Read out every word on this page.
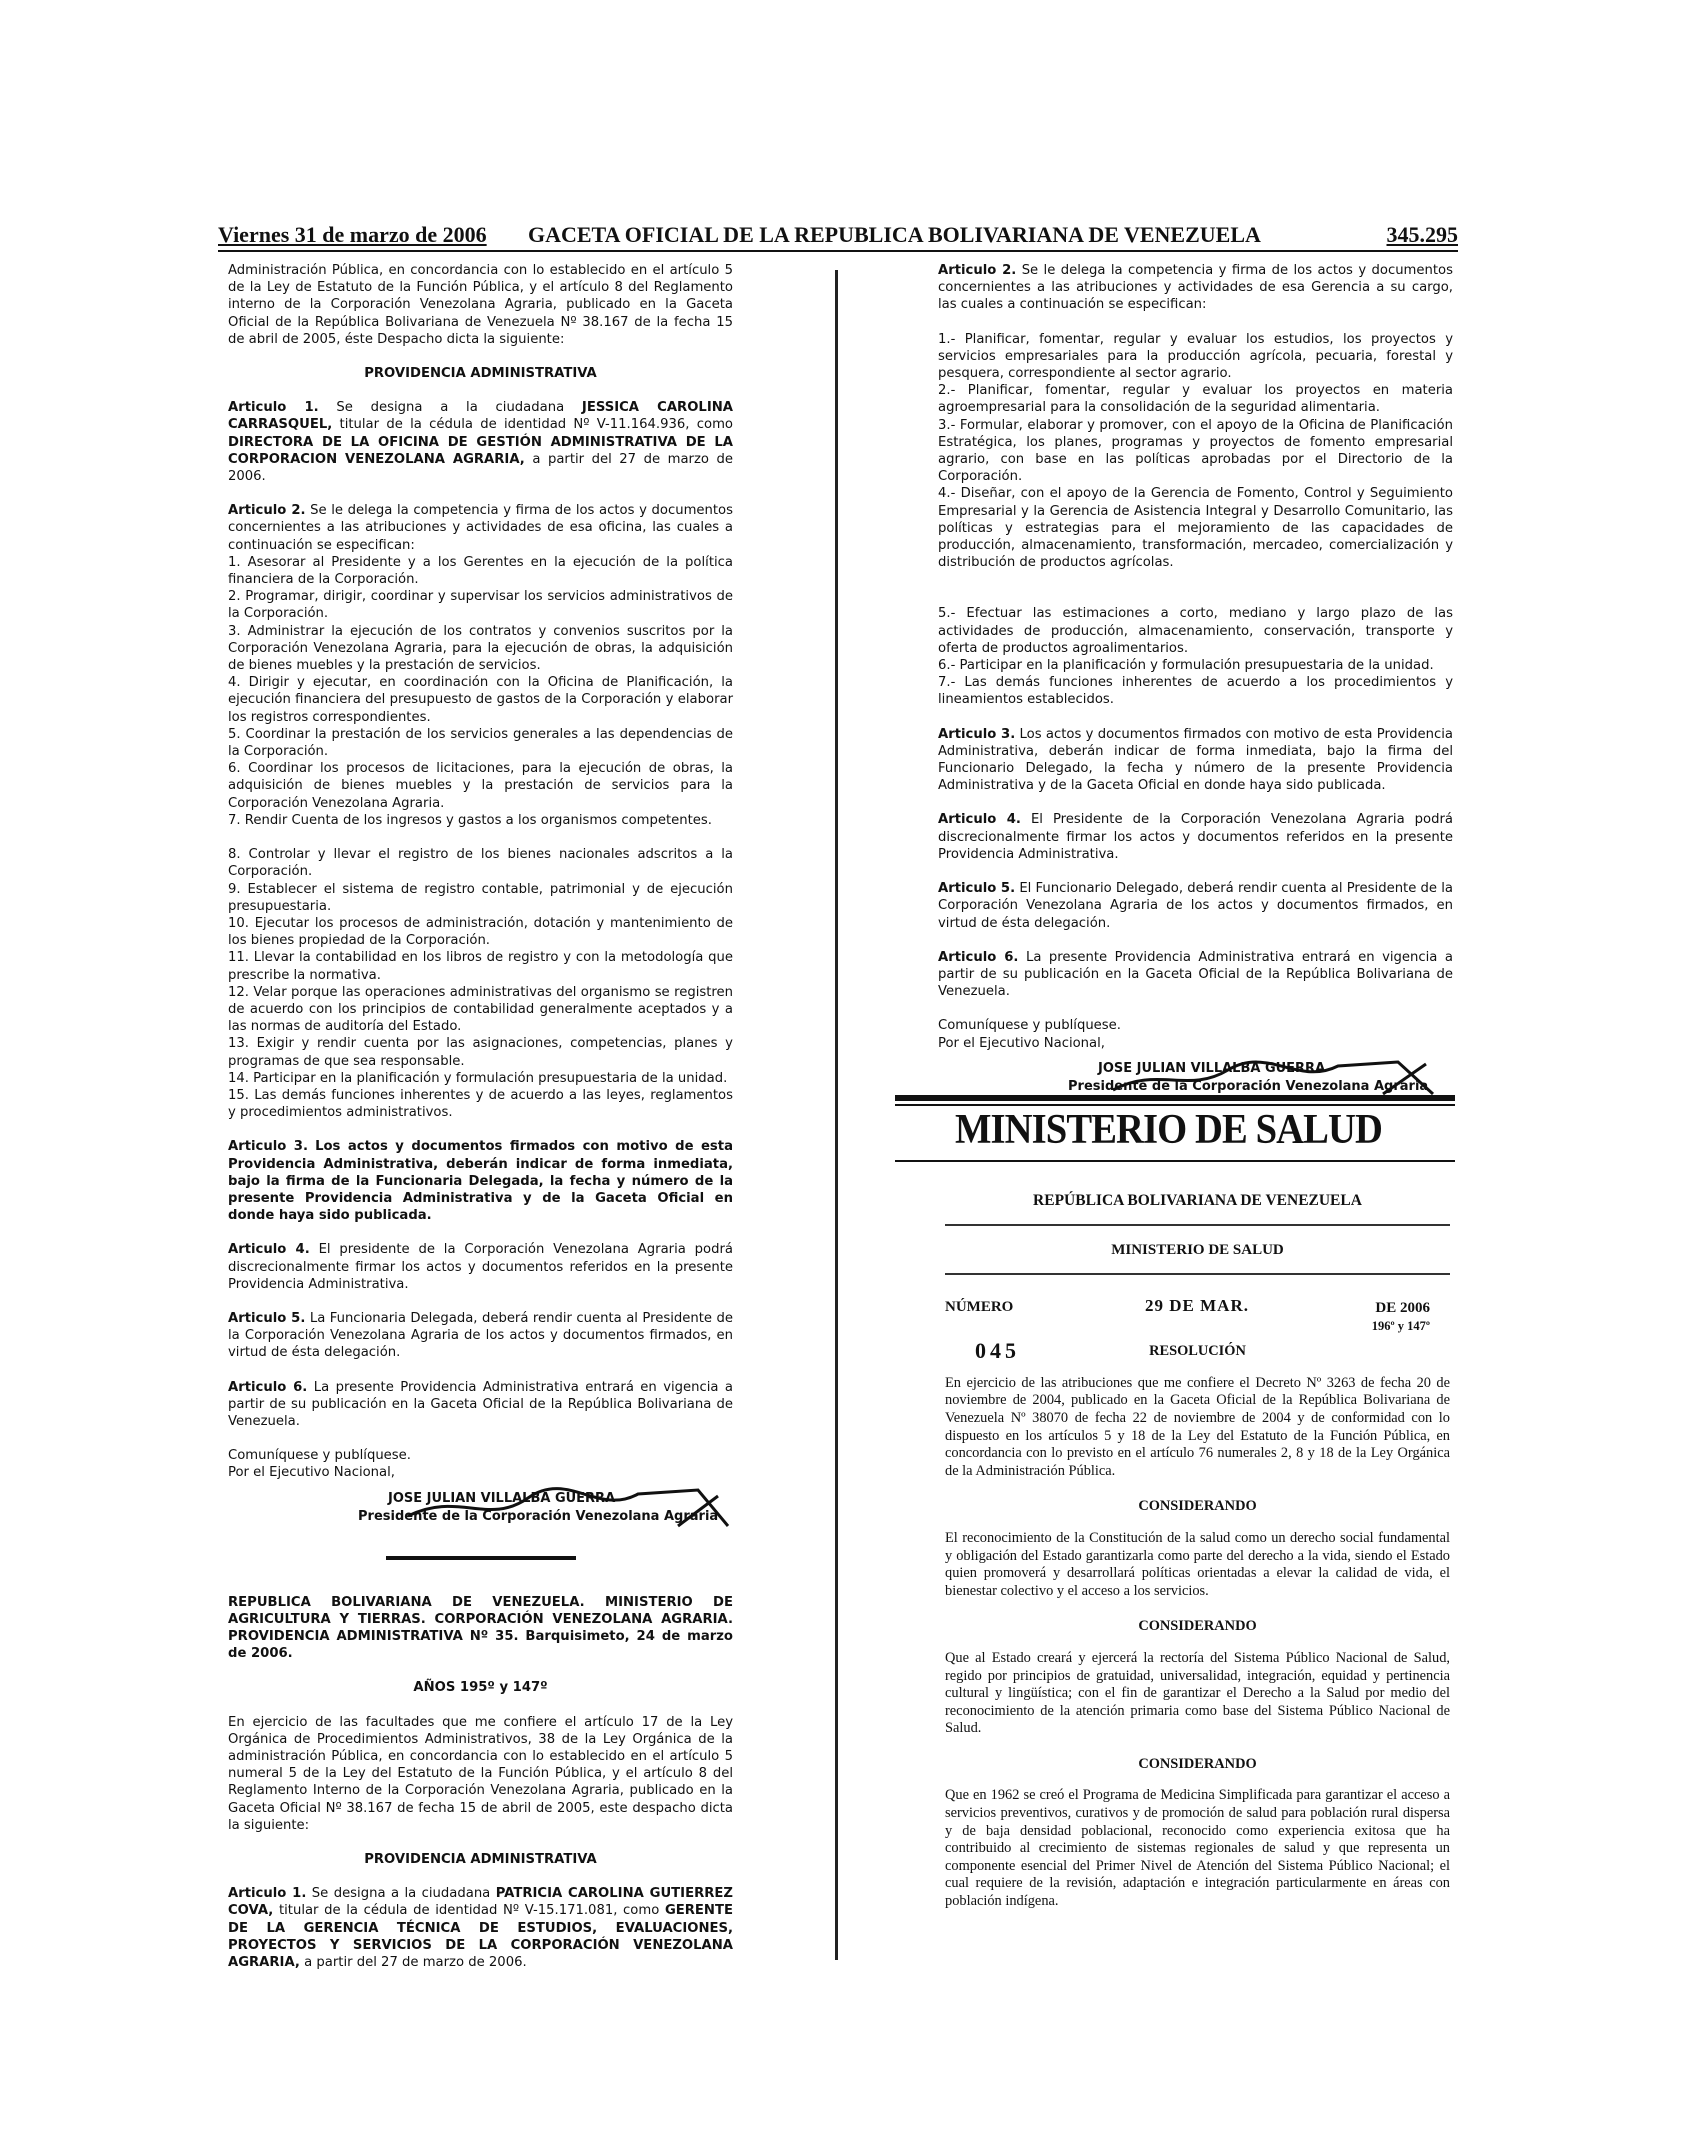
Viernes 31 de marzo de 2006 GACETA OFICIAL DE LA REPUBLICA BOLIVARIANA DE VENEZUELA	345.295

Administración Pública, en concordancia con lo establecido en el artículo 5 de la Ley de Estatuto de la Función Pública, y el artículo 8 del Reglamento interno de la Corporación Venezolana Agraria, publicado en la Gaceta Oficial de la República Bolivariana de Venezuela Nº 38.167 de la fecha 15 de abril de 2005, éste Despacho dicta la siguiente:

PROVIDENCIA ADMINISTRATIVA

Articulo 1. Se designa a la ciudadana JESSICA CAROLINA CARRASQUEL, titular de la cédula de identidad Nº V-11.164.936, como DIRECTORA DE LA OFICINA DE GESTIÓN ADMINISTRATIVA DE LA CORPORACION VENEZOLANA AGRARIA, a partir del 27 de marzo de 2006.

Articulo 2. Se le delega la competencia y firma de los actos y documentos concernientes a las atribuciones y actividades de esa oficina, las cuales a continuación se especifican:

1. Asesorar al Presidente y a los Gerentes en la ejecución de la política financiera de la Corporación.

2. Programar, dirigir, coordinar y supervisar los servicios administrativos de la Corporación.

3. Administrar la ejecución de los contratos y convenios suscritos por la Corporación Venezolana Agraria, para la ejecución de obras, la adquisición de bienes muebles y la prestación de servicios.

4. Dirigir y ejecutar, en coordinación con la Oficina de Planificación, la ejecución financiera del presupuesto de gastos de la Corporación y elaborar los registros correspondientes.

5. Coordinar la prestación de los servicios generales a las dependencias de la Corporación.

6. Coordinar los procesos de licitaciones, para la ejecución de obras, la adquisición de bienes muebles y la prestación de servicios para la Corporación Venezolana Agraria.

7. Rendir Cuenta de los ingresos y gastos a los organismos competentes.

8. Controlar y llevar el registro de los bienes nacionales adscritos a la Corporación.

9. Establecer el sistema de registro contable, patrimonial y de ejecución presupuestaria.

10. Ejecutar los procesos de administración, dotación y mantenimiento de los bienes propiedad de la Corporación.

11. Llevar la contabilidad en los libros de registro y con la metodología que prescribe la normativa.

12. Velar porque las operaciones administrativas del organismo se registren de acuerdo con los principios de contabilidad generalmente aceptados y a las normas de auditoría del Estado.

13. Exigir y rendir cuenta por las asignaciones, competencias, planes y programas de que sea responsable.

14. Participar en la planificación y formulación presupuestaria de la unidad.

15. Las demás funciones inherentes y de acuerdo a las leyes, reglamentos y procedimientos administrativos.

Articulo 3. Los actos y documentos firmados con motivo de esta Providencia Administrativa, deberán indicar de forma inmediata, bajo la firma de la Funcionaria Delegada, la fecha y número de la presente Providencia Administrativa y de la Gaceta Oficial en donde haya sido publicada.

Articulo 4. El presidente de la Corporación Venezolana Agraria podrá discrecionalmente firmar los actos y documentos referidos en la presente Providencia Administrativa.

Articulo 5. La Funcionaria Delegada, deberá rendir cuenta al Presidente de la Corporación Venezolana Agraria de los actos y documentos firmados, en virtud de ésta delegación.

Articulo 6. La presente Providencia Administrativa entrará en vigencia a partir de su publicación en la Gaceta Oficial de la República Bolivariana de Venezuela.

Comuníquese y publíquese.

Por el Ejecutivo Nacional,

JOSE JULIAN VILLALBA GUERRA
Presidente de la Corporación Venezolana Agraria

REPUBLICA BOLIVARIANA DE VENEZUELA. MINISTERIO DE AGRICULTURA Y TIERRAS. CORPORACIÓN VENEZOLANA AGRARIA. PROVIDENCIA ADMINISTRATIVA Nº 35. Barquisimeto, 24 de marzo de 2006.

AÑOS 195º y 147º

En ejercicio de las facultades que me confiere el artículo 17 de la Ley Orgánica de Procedimientos Administrativos, 38 de la Ley Orgánica de la administración Pública, en concordancia con lo establecido en el artículo 5 numeral 5 de la Ley del Estatuto de la Función Pública, y el artículo 8 del Reglamento Interno de la Corporación Venezolana Agraria, publicado en la Gaceta Oficial Nº 38.167 de fecha 15 de abril de 2005, este despacho dicta la siguiente:

PROVIDENCIA ADMINISTRATIVA

Articulo 1. Se designa a la ciudadana PATRICIA CAROLINA GUTIERREZ COVA, titular de la cédula de identidad Nº V-15.171.081, como GERENTE DE LA GERENCIA TÉCNICA DE ESTUDIOS, EVALUACIONES, PROYECTOS Y SERVICIOS DE LA CORPORACIÓN VENEZOLANA AGRARIA, a partir del 27 de marzo de 2006.

Articulo 2. Se le delega la competencia y firma de los actos y documentos concernientes a las atribuciones y actividades de esa Gerencia a su cargo, las cuales a continuación se especifican:

1.- Planificar, fomentar, regular y evaluar los estudios, los proyectos y servicios empresariales para la producción agrícola, pecuaria, forestal y pesquera, correspondiente al sector agrario.

2.- Planificar, fomentar, regular y evaluar los proyectos en materia agroempresarial para la consolidación de la seguridad alimentaria.

3.- Formular, elaborar y promover, con el apoyo de la Oficina de Planificación Estratégica, los planes, programas y proyectos de fomento empresarial agrario, con base en las políticas aprobadas por el Directorio de la Corporación.

4.- Diseñar, con el apoyo de la Gerencia de Fomento, Control y Seguimiento Empresarial y la Gerencia de Asistencia Integral y Desarrollo Comunitario, las políticas y estrategias para el mejoramiento de las capacidades de producción, almacenamiento, transformación, mercadeo, comercialización y distribución de productos agrícolas.

5.- Efectuar las estimaciones a corto, mediano y largo plazo de las actividades de producción, almacenamiento, conservación, transporte y oferta de productos agroalimentarios.

6.- Participar en la planificación y formulación presupuestaria de la unidad.

7.- Las demás funciones inherentes de acuerdo a los procedimientos y lineamientos establecidos.

Articulo 3. Los actos y documentos firmados con motivo de esta Providencia Administrativa, deberán indicar de forma inmediata, bajo la firma del Funcionario Delegado, la fecha y número de la presente Providencia Administrativa y de la Gaceta Oficial en donde haya sido publicada.

Articulo 4. El Presidente de la Corporación Venezolana Agraria podrá discrecionalmente firmar los actos y documentos referidos en la presente Providencia Administrativa.

Articulo 5. El Funcionario Delegado, deberá rendir cuenta al Presidente de la Corporación Venezolana Agraria de los actos y documentos firmados, en virtud de ésta delegación.

Articulo 6. La presente Providencia Administrativa entrará en vigencia a partir de su publicación en la Gaceta Oficial de la República Bolivariana de Venezuela.

Comuníquese y publíquese.

Por el Ejecutivo Nacional,

JOSE JULIAN VILLALBA GUERRA
Presidente de la Corporación Venezolana Agraria
MINISTERIO DE SALUD

REPÚBLICA BOLIVARIANA DE VENEZUELA

MINISTERIO DE SALUD

NÚMERO	29 DE MAR.	DE 2006
196º y 147º

RESOLUCIÓN

En ejercicio de las atribuciones que me confiere el Decreto Nº 3263 de fecha 20 de noviembre de 2004, publicado en la Gaceta Oficial de la República Bolivariana de Venezuela Nº 38070 de fecha 22 de noviembre de 2004 y de conformidad con lo dispuesto en los artículos 5 y 18 de la Ley del Estatuto de la Función Pública, en concordancia con lo previsto en el artículo 76 numerales 2, 8 y 18 de la Ley Orgánica de la Administración Pública.

CONSIDERANDO

El reconocimiento de la Constitución de la salud como un derecho social fundamental y obligación del Estado garantizarla como parte del derecho a la vida, siendo el Estado quien promoverá y desarrollará políticas orientadas a elevar la calidad de vida, el bienestar colectivo y el acceso a los servicios.

CONSIDERANDO

Que al Estado creará y ejercerá la rectoría del Sistema Público Nacional de Salud, regido por principios de gratuidad, universalidad, integración, equidad y pertinencia cultural y lingüística; con el fin de garantizar el Derecho a la Salud por medio del reconocimiento de la atención primaria como base del Sistema Público Nacional de Salud.

CONSIDERANDO

Que en 1962 se creó el Programa de Medicina Simplificada para garantizar el acceso a servicios preventivos, curativos y de promoción de salud para población rural dispersa y de baja densidad poblacional, reconocido como experiencia exitosa que ha contribuido al crecimiento de sistemas regionales de salud y que representa un componente esencial del Primer Nivel de Atención del Sistema Público Nacional; el cual requiere de la revisión, adaptación e integración particularmente en áreas con población indígena.

045
